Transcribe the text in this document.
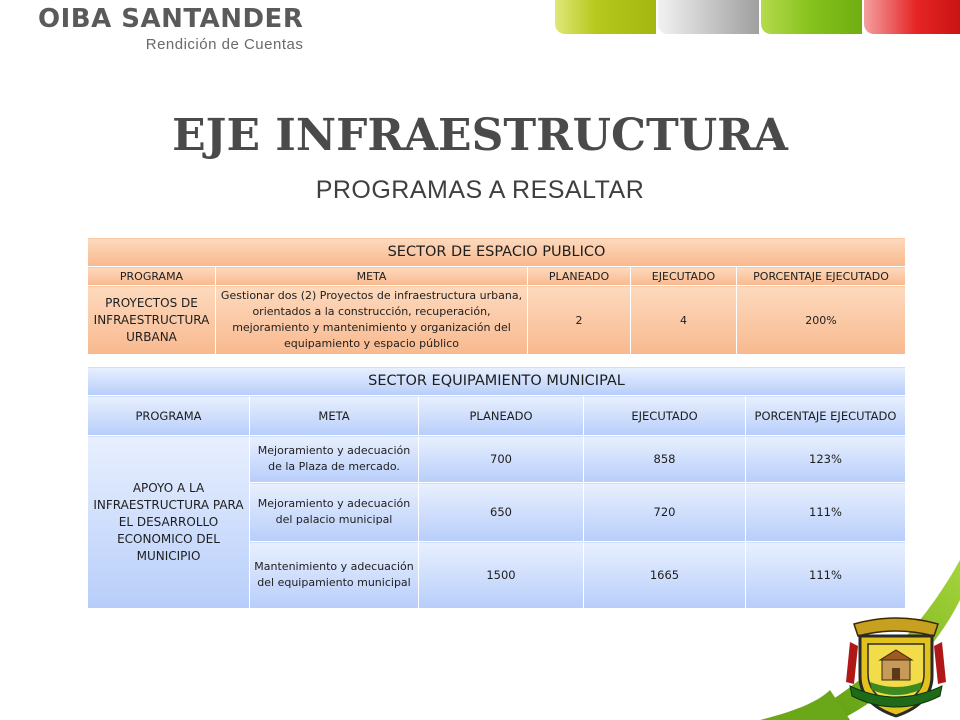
OIBA SANTANDER
Rendición de Cuentas
EJE INFRAESTRUCTURA
PROGRAMAS A RESALTAR
SECTOR DE ESPACIO PUBLICO				
PROGRAMA	META	PLANEADO	EJECUTADO	PORCENTAJE EJECUTADO
PROYECTOS DE INFRAESTRUCTURA URBANA	Gestionar dos (2) Proyectos de infraestructura urbana, orientados a la construcción, recuperación, mejoramiento y mantenimiento y organización del equipamiento y espacio público	2	4	200%
SECTOR EQUIPAMIENTO MUNICIPAL				
PROGRAMA	META	PLANEADO	EJECUTADO	PORCENTAJE EJECUTADO
APOYO A LA INFRAESTRUCTURA PARA EL DESARROLLO ECONOMICO DEL MUNICIPIO	Mejoramiento y adecuación de la Plaza de mercado.	700	858	123%
	Mejoramiento y adecuación del palacio municipal	650	720	111%
	Mantenimiento y adecuación del equipamiento municipal	1500	1665	111%
